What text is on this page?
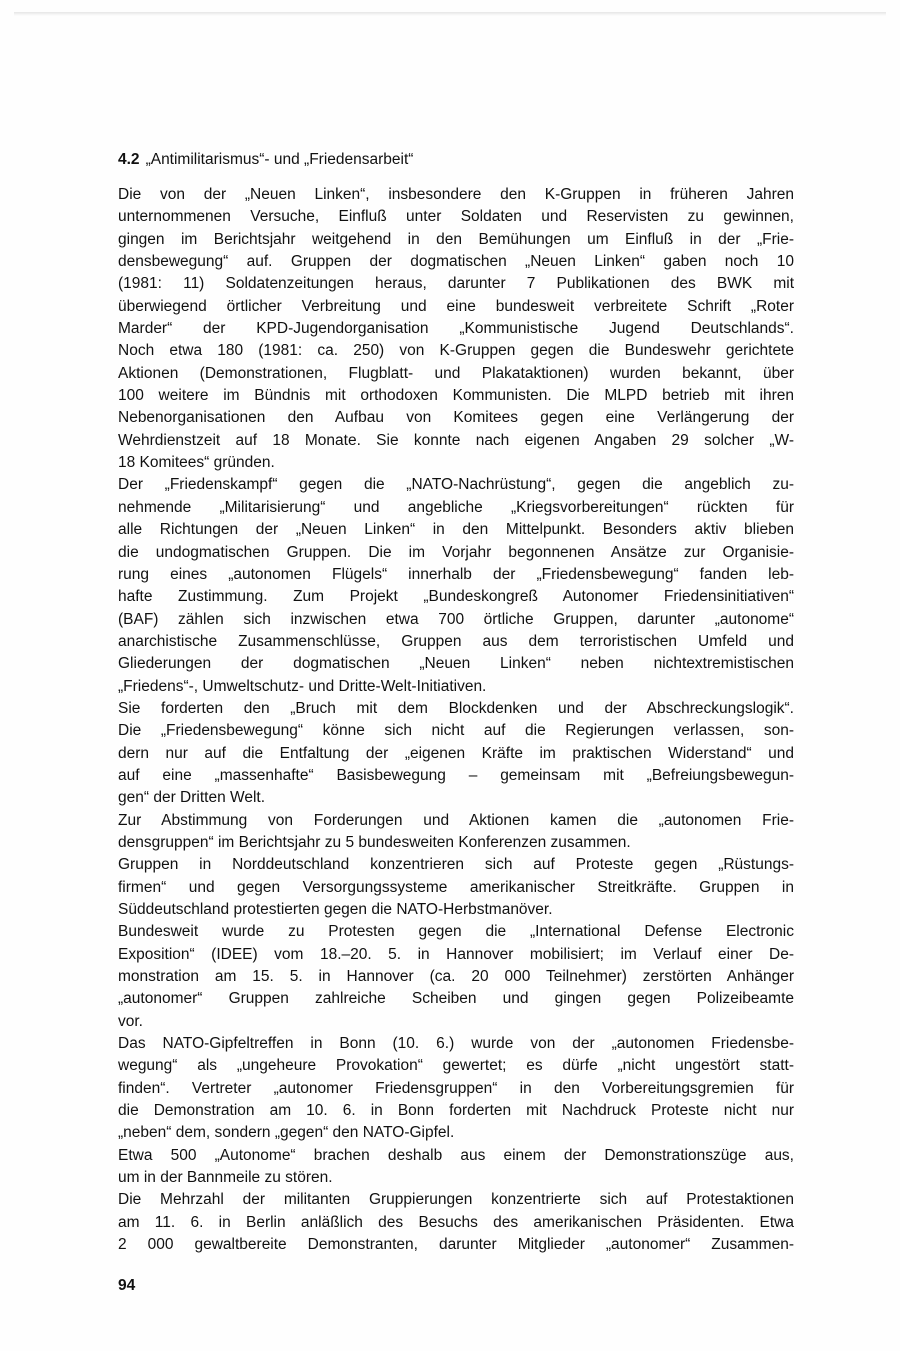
4.2 „Antimilitarismus“- und „Friedensarbeit“
Die von der „Neuen Linken“, insbesondere den K-Gruppen in früheren Jahren
unternommenen Versuche, Einfluß unter Soldaten und Reservisten zu gewinnen,
gingen im Berichtsjahr weitgehend in den Bemühungen um Einfluß in der „Frie-
densbewegung“ auf. Gruppen der dogmatischen „Neuen Linken“ gaben noch 10
(1981: 11) Soldatenzeitungen heraus, darunter 7 Publikationen des BWK mit
überwiegend örtlicher Verbreitung und eine bundesweit verbreitete Schrift „Roter
Marder“ der KPD-Jugendorganisation „Kommunistische Jugend Deutschlands“.
Noch etwa 180 (1981: ca. 250) von K-Gruppen gegen die Bundeswehr gerichtete
Aktionen (Demonstrationen, Flugblatt- und Plakataktionen) wurden bekannt, über
100 weitere im Bündnis mit orthodoxen Kommunisten. Die MLPD betrieb mit ihren
Nebenorganisationen den Aufbau von Komitees gegen eine Verlängerung der
Wehrdienstzeit auf 18 Monate. Sie konnte nach eigenen Angaben 29 solcher „W-
18 Komitees“ gründen.
Der „Friedenskampf“ gegen die „NATO-Nachrüstung“, gegen die angeblich zu-
nehmende „Militarisierung“ und angebliche „Kriegsvorbereitungen“ rückten für
alle Richtungen der „Neuen Linken“ in den Mittelpunkt. Besonders aktiv blieben
die undogmatischen Gruppen. Die im Vorjahr begonnenen Ansätze zur Organisie-
rung eines „autonomen Flügels“ innerhalb der „Friedensbewegung“ fanden leb-
hafte Zustimmung. Zum Projekt „Bundeskongreß Autonomer Friedensinitiativen“
(BAF) zählen sich inzwischen etwa 700 örtliche Gruppen, darunter „autonome“
anarchistische Zusammenschlüsse, Gruppen aus dem terroristischen Umfeld und
Gliederungen der dogmatischen „Neuen Linken“ neben nichtextremistischen
„Friedens“-, Umweltschutz- und Dritte-Welt-Initiativen.
Sie forderten den „Bruch mit dem Blockdenken und der Abschreckungslogik“.
Die „Friedensbewegung“ könne sich nicht auf die Regierungen verlassen, son-
dern nur auf die Entfaltung der „eigenen Kräfte im praktischen Widerstand“ und
auf eine „massenhafte“ Basisbewegung – gemeinsam mit „Befreiungsbewegun-
gen“ der Dritten Welt.
Zur Abstimmung von Forderungen und Aktionen kamen die „autonomen Frie-
densgruppen“ im Berichtsjahr zu 5 bundesweiten Konferenzen zusammen.
Gruppen in Norddeutschland konzentrieren sich auf Proteste gegen „Rüstungs-
firmen“ und gegen Versorgungssysteme amerikanischer Streitkräfte. Gruppen in
Süddeutschland protestierten gegen die NATO-Herbstmanöver.
Bundesweit wurde zu Protesten gegen die „International Defense Electronic
Exposition“ (IDEE) vom 18.–20. 5. in Hannover mobilisiert; im Verlauf einer De-
monstration am 15. 5. in Hannover (ca. 20 000 Teilnehmer) zerstörten Anhänger
„autonomer“ Gruppen zahlreiche Scheiben und gingen gegen Polizeibeamte
vor.
Das NATO-Gipfeltreffen in Bonn (10. 6.) wurde von der „autonomen Friedensbe-
wegung“ als „ungeheure Provokation“ gewertet; es dürfe „nicht ungestört statt-
finden“. Vertreter „autonomer Friedensgruppen“ in den Vorbereitungsgremien für
die Demonstration am 10. 6. in Bonn forderten mit Nachdruck Proteste nicht nur
„neben“ dem, sondern „gegen“ den NATO-Gipfel.
Etwa 500 „Autonome“ brachen deshalb aus einem der Demonstrationszüge aus,
um in der Bannmeile zu stören.
Die Mehrzahl der militanten Gruppierungen konzentrierte sich auf Protestaktionen
am 11. 6. in Berlin anläßlich des Besuchs des amerikanischen Präsidenten. Etwa
2 000 gewaltbereite Demonstranten, darunter Mitglieder „autonomer“ Zusammen-
94
